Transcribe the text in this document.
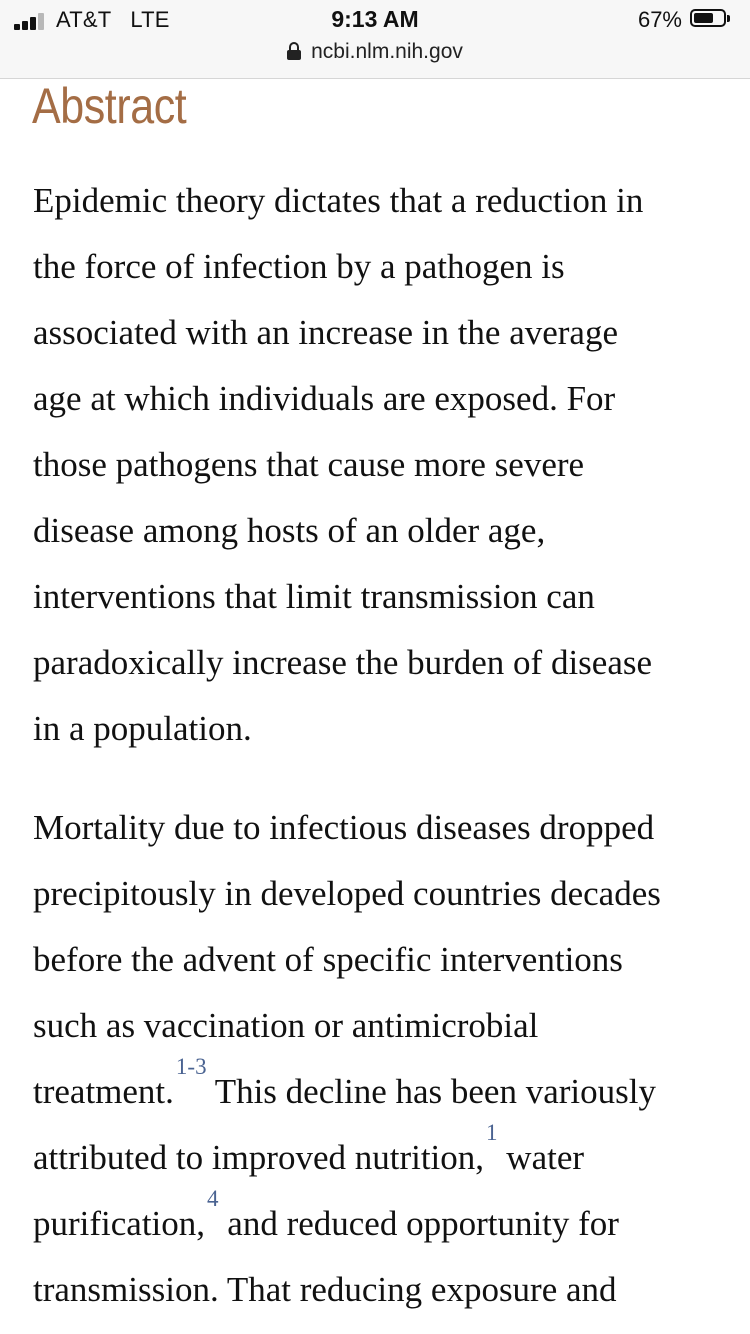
AT&T LTE	9:13 AM	67%
ncbi.nlm.nih.gov
Abstract

Epidemic theory dictates that a reduction in
the force of infection by a pathogen is
associated with an increase in the average
age at which individuals are exposed. For
those pathogens that cause more severe
disease among hosts of an older age,
interventions that limit transmission can
paradoxically increase the burden of disease
in a population.

Mortality due to infectious diseases dropped
precipitously in developed countries decades
before the advent of specific interventions
such as vaccination or antimicrobial
treatment.$^{1-3}$ This decline has been variously
attributed to improved nutrition,$^1$ water
purification,$^4$ and reduced opportunity for
transmission. That reducing exposure and
